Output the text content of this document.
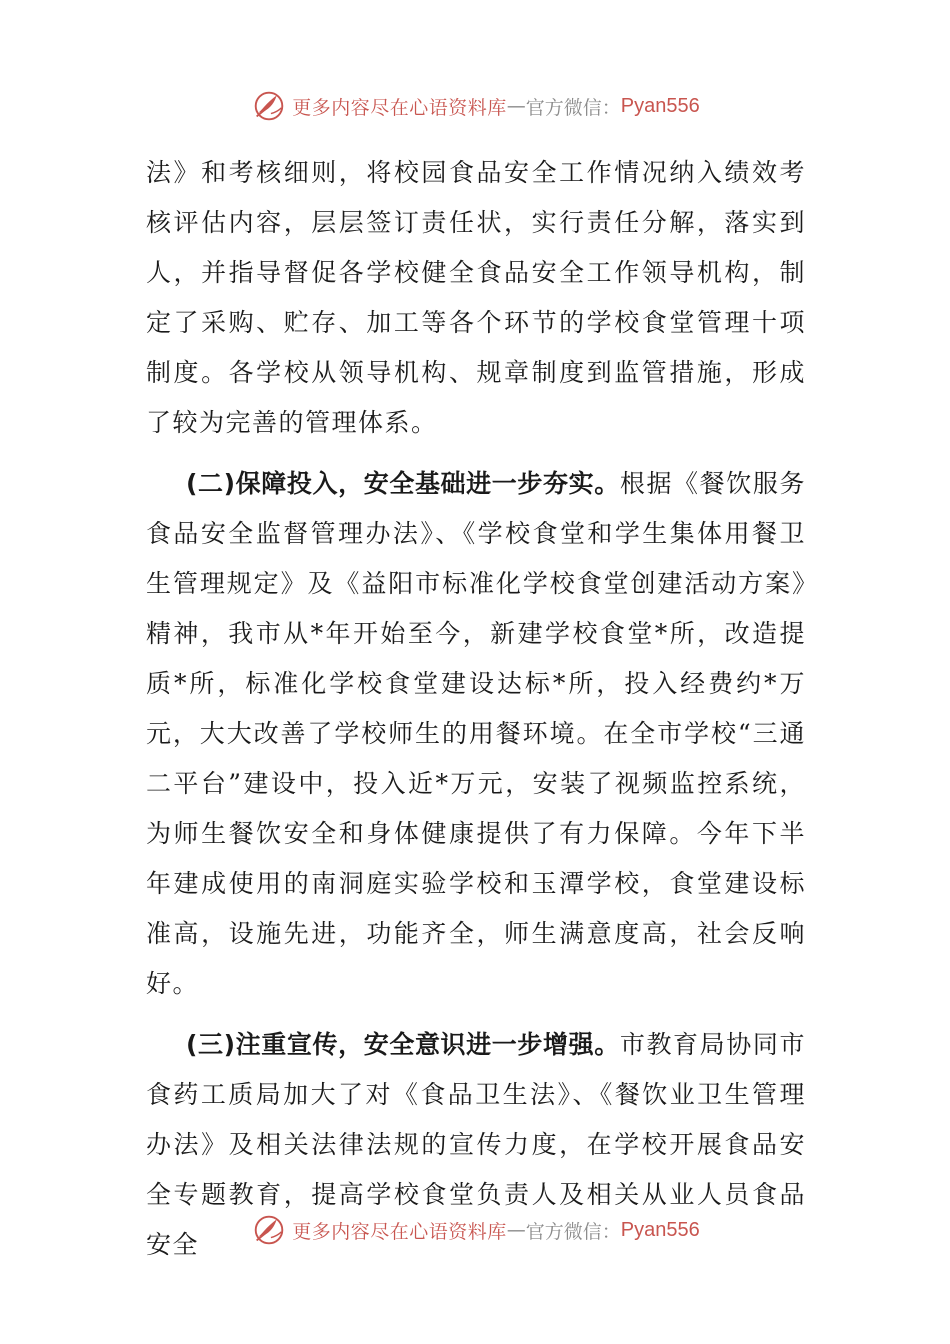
更多内容尽在心语资料库 — 官方微信： Pyan556

法》和考核细则，将校园食品安全工作情况纳入绩效考核评估内容，层层签订责任状，实行责任分解，落实到人，并指导督促各学校健全食品安全工作领导机构，制定了采购、贮存、加工等各个环节的学校食堂管理十项制度。各学校从领导机构、规章制度到监管措施，形成了较为完善的管理体系。

(二)保障投入，安全基础进一步夯实。根据《餐饮服务食品安全监督管理办法》、《学校食堂和学生集体用餐卫生管理规定》及《益阳市标准化学校食堂创建活动方案》精神，我市从*年开始至今，新建学校食堂*所，改造提质*所，标准化学校食堂建设达标*所，投入经费约*万元，大大改善了学校师生的用餐环境。在全市学校“三通二平台”建设中，投入近*万元，安装了视频监控系统，为师生餐饮安全和身体健康提供了有力保障。今年下半年建成使用的南洞庭实验学校和玉潭学校，食堂建设标准高，设施先进，功能齐全，师生满意度高，社会反响好。

(三)注重宣传，安全意识进一步增强。市教育局协同市食药工质局加大了对《食品卫生法》、《餐饮业卫生管理办法》及相关法律法规的宣传力度，在学校开展食品安全专题教育，提高学校食堂负责人及相关从业人员食品安全	更多内容尽在心语资料库 — 官方微信： Pyan556
